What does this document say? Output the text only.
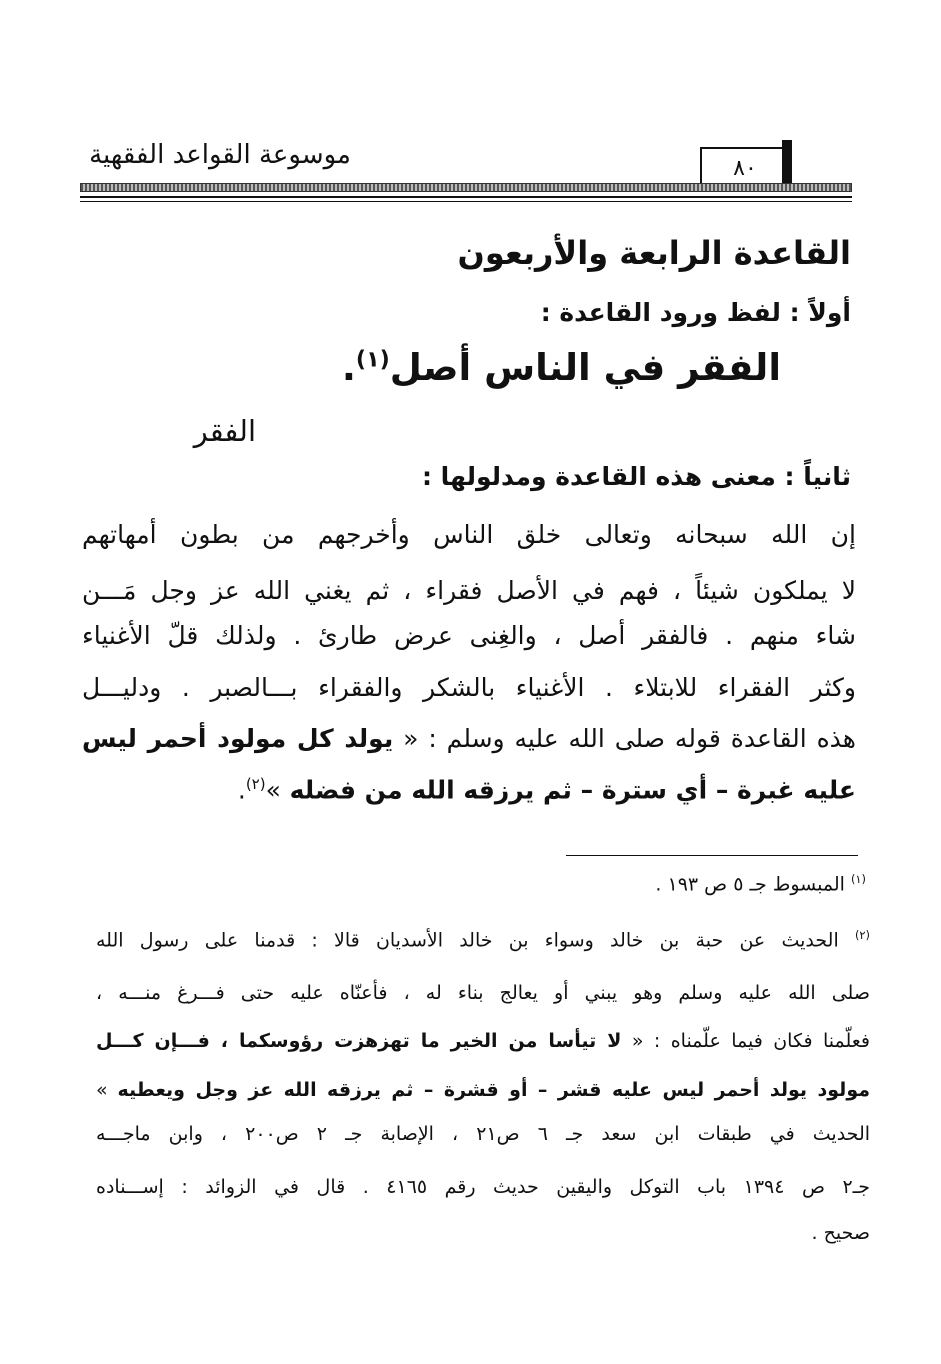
موسوعة القواعد الفقهية	٨٠
القاعدة الرابعة والأربعون
أولاً : لفظ ورود القاعدة :
الفقر في الناس أصل$^{(١)}$.
الفقر
ثانياً : معنى هذه القاعدة ومدلولها :
إن الله سبحانه وتعالى خلق الناس وأخرجهم من بطون أمهاتهم
لا يملكون شيئاً ، فهم في الأصل فقراء ، ثم يغني الله عز وجل مَـــن
شاء منهم . فالفقر أصل ، والغِنى عرض طارئ . ولذلك قلّ الأغنياء
وكثر الفقراء للابتلاء . الأغنياء بالشكر والفقراء بـــالصبر . ودليـــل
هذه القاعدة قوله صلى الله عليه وسلم : « يولد كل مولود أحمر ليس
عليه غبرة – أي سترة – ثم يرزقه الله من فضله »$^{(٢)}$.
$^{(١)}$ المبسوط جـ ٥ ص ١٩٣ .
$^{(٢)}$ الحديث عن حبة بن خالد وسواء بن خالد الأسديان قالا : قدمنا على رسول الله
صلى الله عليه وسلم وهو يبني أو يعالج بناء له ، فأعنّاه عليه حتى فـــرغ منـــه ،
فعلّمنا فكان فيما علّمناه : « لا تيأسا من الخير ما تهزهزت رؤوسكما ، فـــإن كـــل
مولود يولد أحمر ليس عليه قشر – أو قشرة – ثم يرزقه الله عز وجل ويعطيه »
الحديث في طبقات ابن سعد جـ ٦ ص٢١ ، الإصابة جـ ٢ ص٢٠٠ ، وابن ماجـــه
جـ٢ ص ١٣٩٤ باب التوكل واليقين حديث رقم ٤١٦٥ . قال في الزوائد : إســـناده
صحيح .
